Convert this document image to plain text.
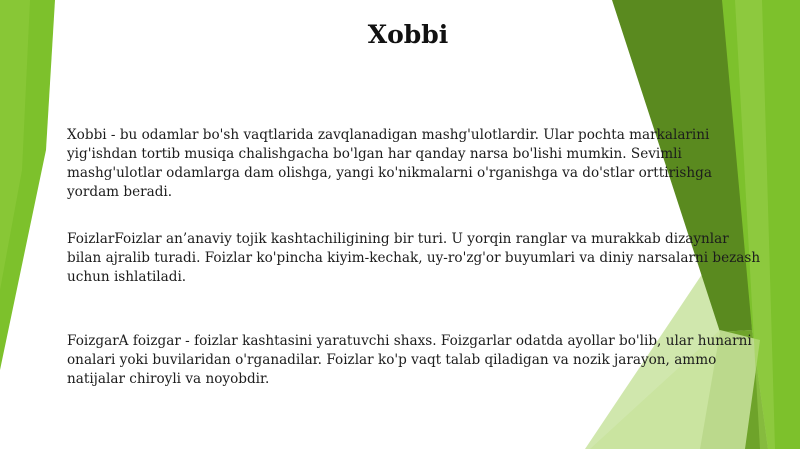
Xobbi

Xobbi - bu odamlar bo'sh vaqtlarida zavqlanadigan mashg'ulotlardir. Ular pochta markalarini yig'ishdan tortib musiqa chalishgacha bo'lgan har qanday narsa bo'lishi mumkin. Sevimli mashg'ulotlar odamlarga dam olishga, yangi ko'nikmalarni o'rganishga va do'stlar orttirishga yordam beradi.

FoizlarFoizlar an’anaviy tojik kashtachiligining bir turi. U yorqin ranglar va murakkab dizaynlar bilan ajralib turadi. Foizlar ko'pincha kiyim-kechak, uy-ro'zg'or buyumlari va diniy narsalarni bezash uchun ishlatiladi.

FoizgarA foizgar - foizlar kashtasini yaratuvchi shaxs. Foizgarlar odatda ayollar bo'lib, ular hunarni onalari yoki buvilaridan o'rganadilar. Foizlar ko'p vaqt talab qiladigan va nozik jarayon, ammo natijalar chiroyli va noyobdir.
